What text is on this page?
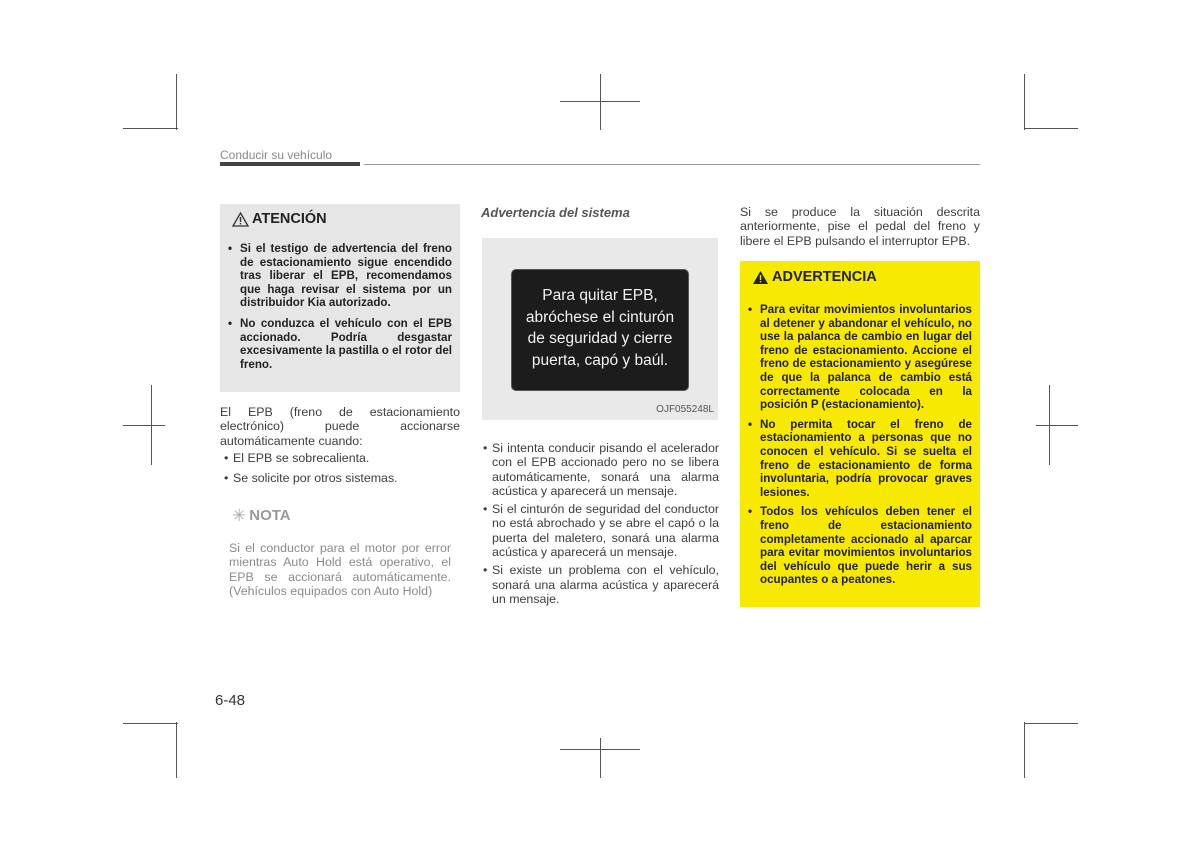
Conducir su vehículo
ATENCIÓN
• Si el testigo de advertencia del freno de estacionamiento sigue encendido tras liberar el EPB, recomendamos que haga revisar el sistema por un distribuidor Kia autorizado.
• No conduzca el vehículo con el EPB accionado. Podría desgastar excesivamente la pastilla o el rotor del freno.
El EPB (freno de estacionamiento electrónico) puede accionarse automáticamente cuando:
• El EPB se sobrecalienta.
• Se solicite por otros sistemas.
✳ NOTA
Si el conductor para el motor por error mientras Auto Hold está operativo, el EPB se accionará automáticamente. (Vehículos equipados con Auto Hold)
Advertencia del sistema
Para quitar EPB,
abróchese el cinturón
de seguridad y cierre
puerta, capó y baúl.
OJF055248L
• Si intenta conducir pisando el acelerador con el EPB accionado pero no se libera automáticamente, sonará una alarma acústica y aparecerá un mensaje.
• Si el cinturón de seguridad del conductor no está abrochado y se abre el capó o la puerta del maletero, sonará una alarma acústica y aparecerá un mensaje.
• Si existe un problema con el vehículo, sonará una alarma acústica y aparecerá un mensaje.
Si se produce la situación descrita anteriormente, pise el pedal del freno y libere el EPB pulsando el interruptor EPB.
ADVERTENCIA
• Para evitar movimientos involuntarios al detener y abandonar el vehículo, no use la palanca de cambio en lugar del freno de estacionamiento. Accione el freno de estacionamiento y asegúrese de que la palanca de cambio está correctamente colocada en la posición P (estacionamiento).
• No permita tocar el freno de estacionamiento a personas que no conocen el vehículo. Si se suelta el freno de estacionamiento de forma involuntaria, podría provocar graves lesiones.
• Todos los vehículos deben tener el freno de estacionamiento completamente accionado al aparcar para evitar movimientos involuntarios del vehículo que puede herir a sus ocupantes o a peatones.
6-48
